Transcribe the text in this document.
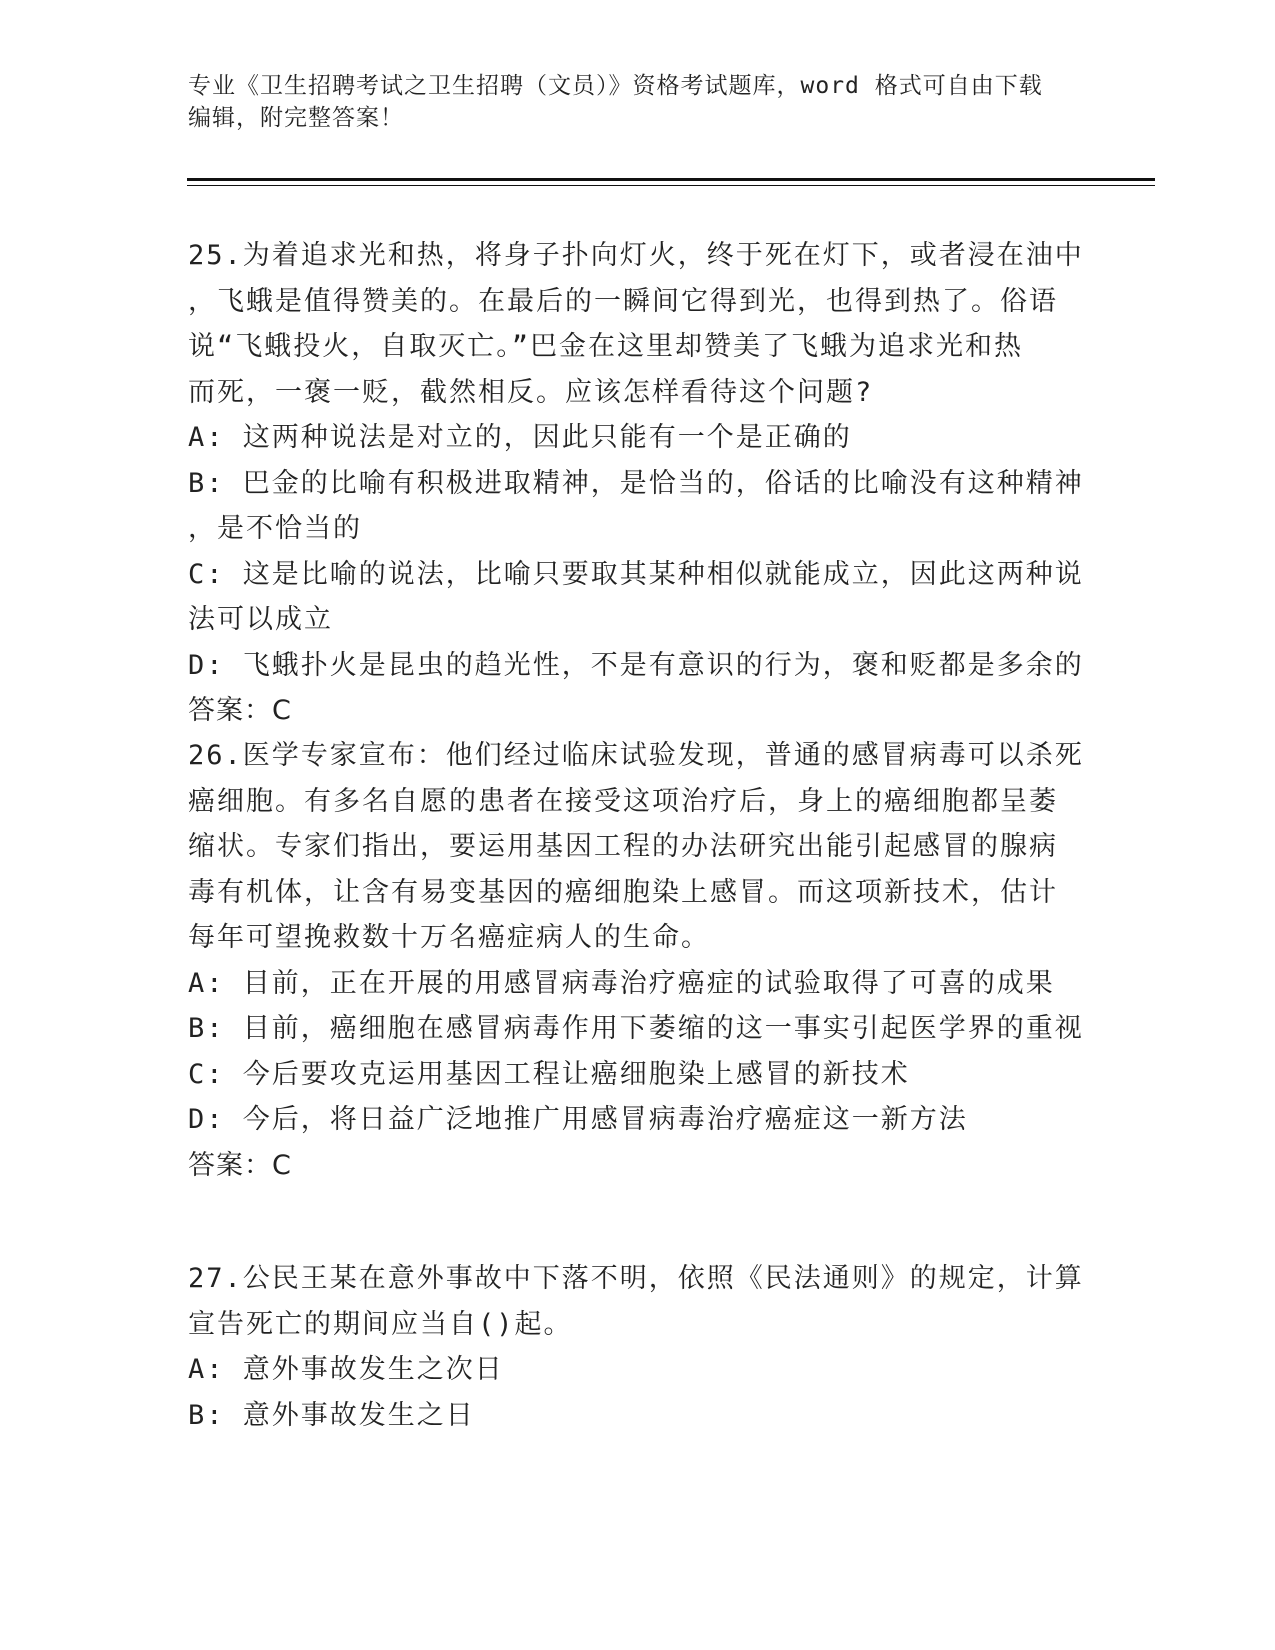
专业《卫生招聘考试之卫生招聘（文员）》资格考试题库，word 格式可自由下载
编辑，附完整答案！
25.为着追求光和热，将身子扑向灯火，终于死在灯下，或者浸在油中
，飞蛾是值得赞美的。在最后的一瞬间它得到光，也得到热了。俗语
说“飞蛾投火，自取灭亡。”巴金在这里却赞美了飞蛾为追求光和热
而死，一褒一贬，截然相反。应该怎样看待这个问题?
A: 这两种说法是对立的，因此只能有一个是正确的
B: 巴金的比喻有积极进取精神，是恰当的，俗话的比喻没有这种精神
，是不恰当的
C: 这是比喻的说法，比喻只要取其某种相似就能成立，因此这两种说
法可以成立
D: 飞蛾扑火是昆虫的趋光性，不是有意识的行为，褒和贬都是多余的
答案：C
26.医学专家宣布：他们经过临床试验发现，普通的感冒病毒可以杀死
癌细胞。有多名自愿的患者在接受这项治疗后，身上的癌细胞都呈萎
缩状。专家们指出，要运用基因工程的办法研究出能引起感冒的腺病
毒有机体，让含有易变基因的癌细胞染上感冒。而这项新技术，估计
每年可望挽救数十万名癌症病人的生命。
A: 目前，正在开展的用感冒病毒治疗癌症的试验取得了可喜的成果
B: 目前，癌细胞在感冒病毒作用下萎缩的这一事实引起医学界的重视
C: 今后要攻克运用基因工程让癌细胞染上感冒的新技术
D: 今后，将日益广泛地推广用感冒病毒治疗癌症这一新方法
答案：C
27.公民王某在意外事故中下落不明，依照《民法通则》的规定，计算
宣告死亡的期间应当自()起。
A: 意外事故发生之次日
B: 意外事故发生之日
